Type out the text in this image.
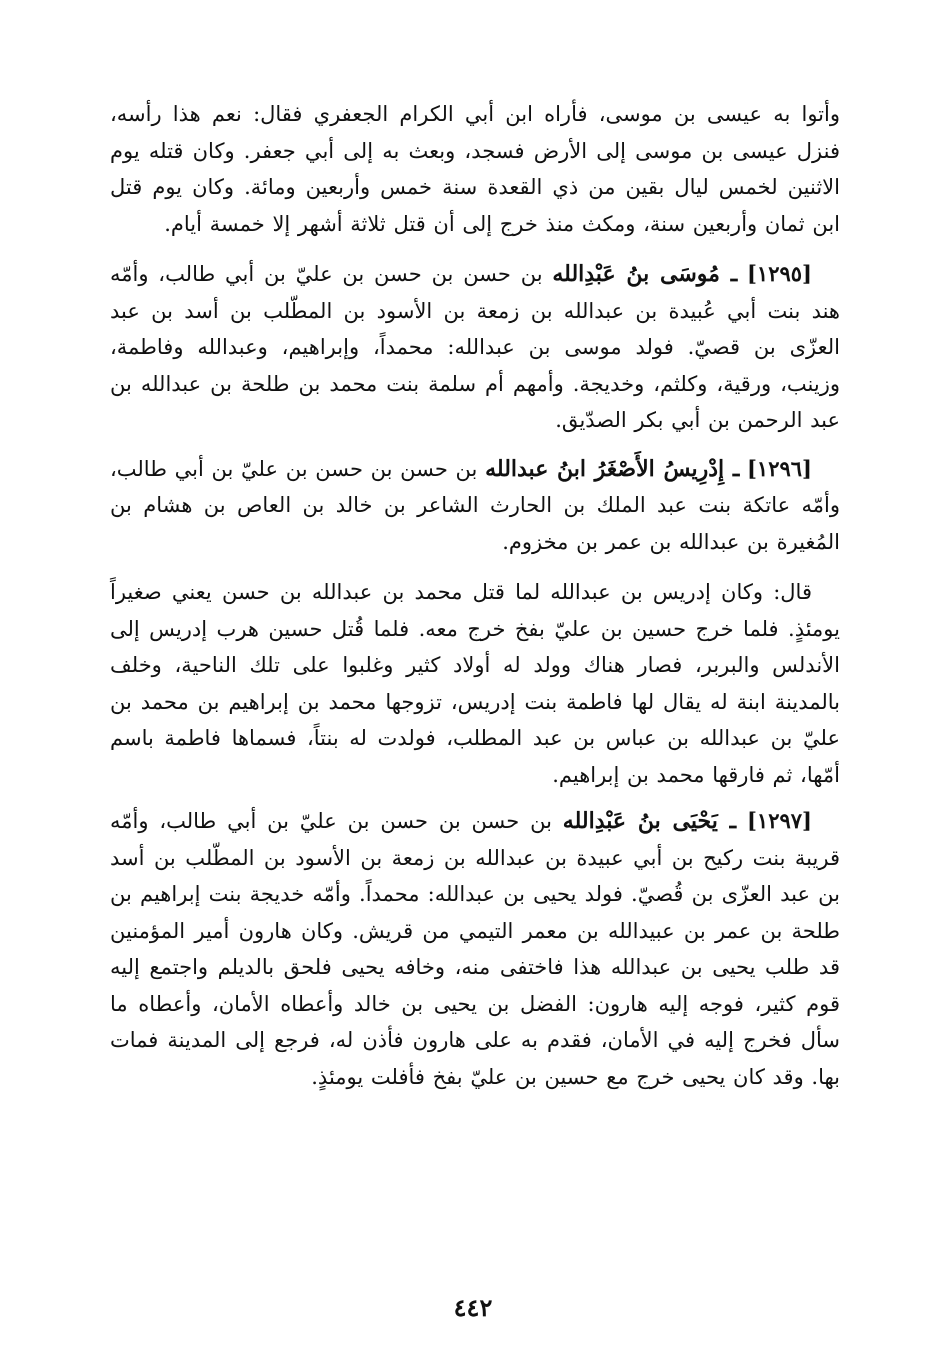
وأتوا به عيسى بن موسى، فأراه ابن أبي الكرام الجعفري فقال: نعم هذا رأسه، فنزل عيسى بن موسى إلى الأرض فسجد، وبعث به إلى أبي جعفر. وكان قتله يوم الاثنين لخمس ليال بقين من ذي القعدة سنة خمس وأربعين ومائة. وكان يوم قتل ابن ثمان وأربعين سنة، ومكث منذ خرج إلى أن قتل ثلاثة أشهر إلا خمسة أيام.

[١٢٩٥] ـ مُوسَى بنُ عَبْدِالله بن حسن بن حسن بن عليّ بن أبي طالب، وأمّه هند بنت أبي عُبيدة بن عبدالله بن زمعة بن الأسود بن المطّلب بن أسد بن عبد العزّى بن قصيّ. فولد موسى بن عبدالله: محمداً، وإبراهيم، وعبدالله وفاطمة، وزينب، ورقية، وكلثم، وخديجة. وأمهم أم سلمة بنت محمد بن طلحة بن عبدالله بن عبد الرحمن بن أبي بكر الصدّيق.

[١٢٩٦] ـ إِدْرِيسُ الأَصْغَرُ ابنُ عبدالله بن حسن بن حسن بن عليّ بن أبي طالب، وأمّه عاتكة بنت عبد الملك بن الحارث الشاعر بن خالد بن العاص بن هشام بن المُغيرة بن عبدالله بن عمر بن مخزوم.

قال: وكان إدريس بن عبدالله لما قتل محمد بن عبدالله بن حسن يعني صغيراً يومئذٍ. فلما خرج حسين بن عليّ بفخ خرج معه. فلما قُتل حسين هرب إدريس إلى الأندلس والبربر، فصار هناك وولد له أولاد كثير وغلبوا على تلك الناحية، وخلف بالمدينة ابنة له يقال لها فاطمة بنت إدريس، تزوجها محمد بن إبراهيم بن محمد بن عليّ بن عبدالله بن عباس بن عبد المطلب، فولدت له بنتاً، فسماها فاطمة باسم أمّها، ثم فارقها محمد بن إبراهيم.

[١٢٩٧] ـ يَحْيَى بنُ عَبْدِالله بن حسن بن حسن بن عليّ بن أبي طالب، وأمّه قريبة بنت ركيح بن أبي عبيدة بن عبدالله بن زمعة بن الأسود بن المطّلب بن أسد بن عبد العزّى بن قُصيّ. فولد يحيى بن عبدالله: محمداً. وأمّه خديجة بنت إبراهيم بن طلحة بن عمر بن عبيدالله بن معمر التيمي من قريش. وكان هارون أمير المؤمنين قد طلب يحيى بن عبدالله هذا فاختفى منه، وخافه يحيى فلحق بالديلم واجتمع إليه قوم كثير، فوجه إليه هارون: الفضل بن يحيى بن خالد وأعطاه الأمان، وأعطاه ما سأل فخرج إليه في الأمان، فقدم به على هارون فأذن له، فرجع إلى المدينة فمات بها. وقد كان يحيى خرج مع حسين بن عليّ بفخ فأفلت يومئذٍ.

٤٤٢
